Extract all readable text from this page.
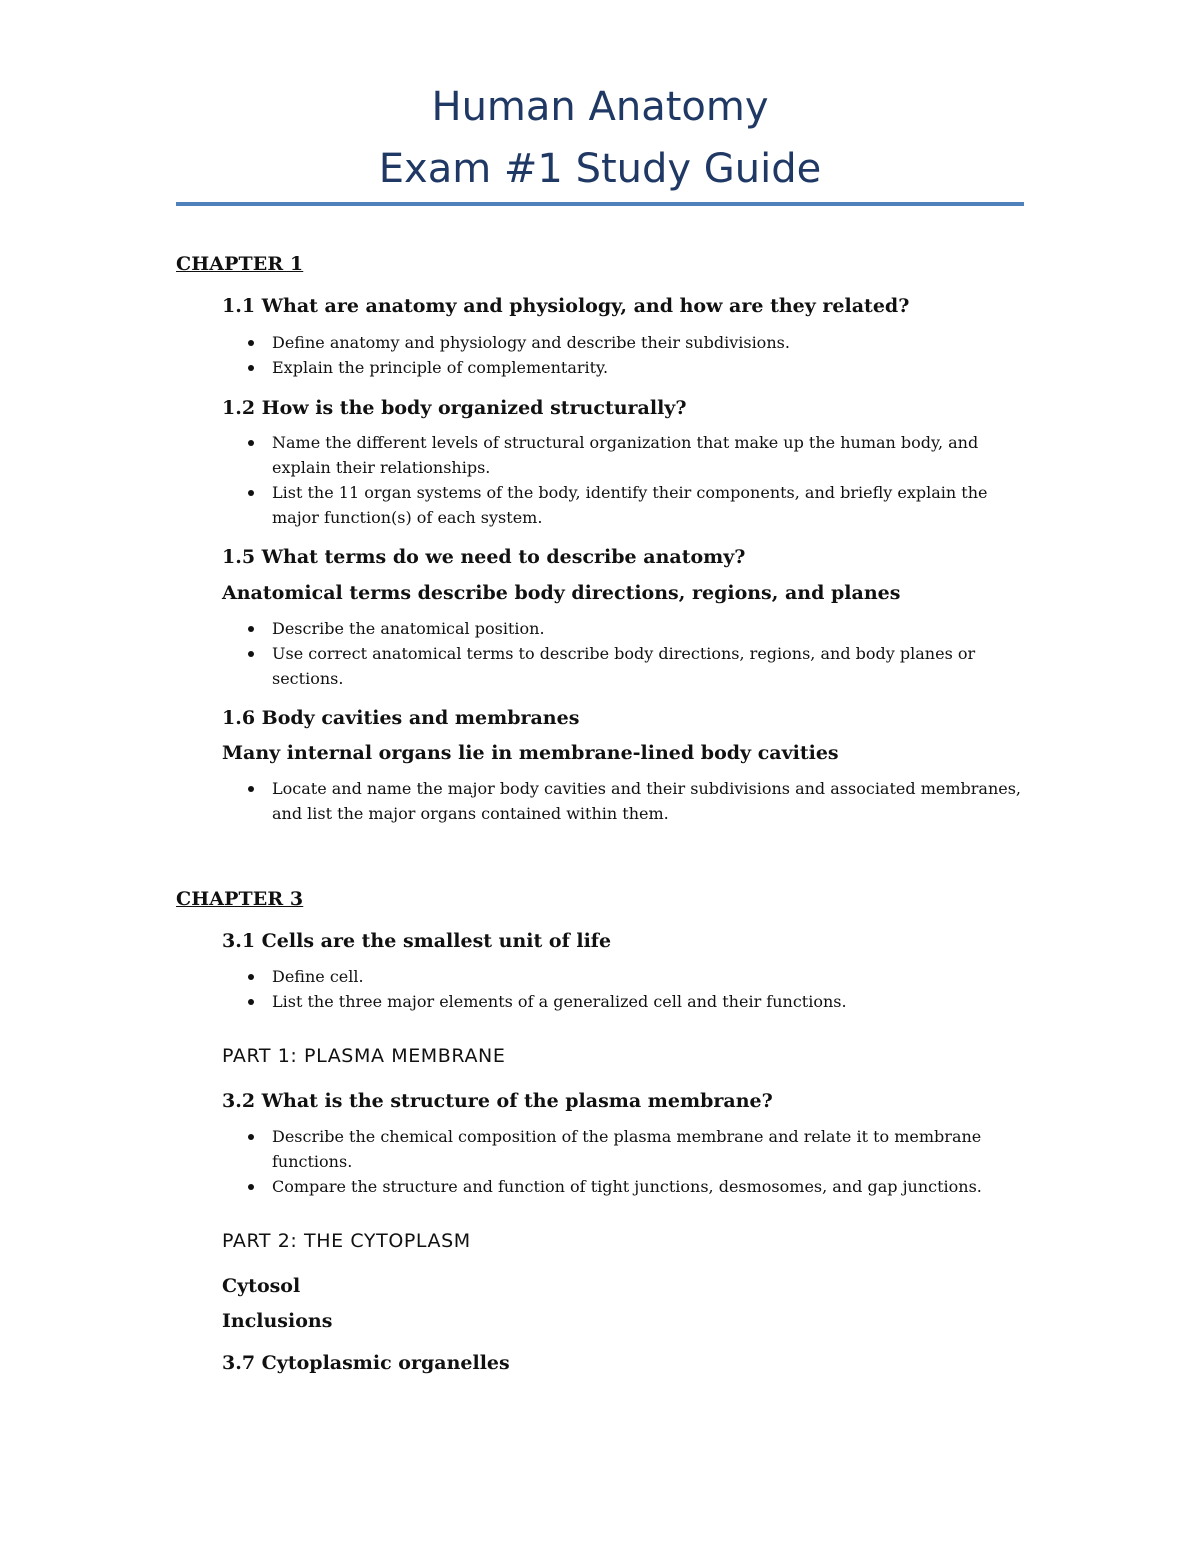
Human Anatomy
Exam #1 Study Guide
CHAPTER 1
1.1 What are anatomy and physiology, and how are they related?
Define anatomy and physiology and describe their subdivisions.
Explain the principle of complementarity.
1.2 How is the body organized structurally?
Name the different levels of structural organization that make up the human body, and explain their relationships.
List the 11 organ systems of the body, identify their components, and briefly explain the major function(s) of each system.
1.5 What terms do we need to describe anatomy?
Anatomical terms describe body directions, regions, and planes
Describe the anatomical position.
Use correct anatomical terms to describe body directions, regions, and body planes or sections.
1.6 Body cavities and membranes
Many internal organs lie in membrane-lined body cavities
Locate and name the major body cavities and their subdivisions and associated membranes, and list the major organs contained within them.
CHAPTER 3
3.1 Cells are the smallest unit of life
Define cell.
List the three major elements of a generalized cell and their functions.
PART 1: PLASMA MEMBRANE
3.2 What is the structure of the plasma membrane?
Describe the chemical composition of the plasma membrane and relate it to membrane functions.
Compare the structure and function of tight junctions, desmosomes, and gap junctions.
PART 2: THE CYTOPLASM
Cytosol
Inclusions
3.7 Cytoplasmic organelles
